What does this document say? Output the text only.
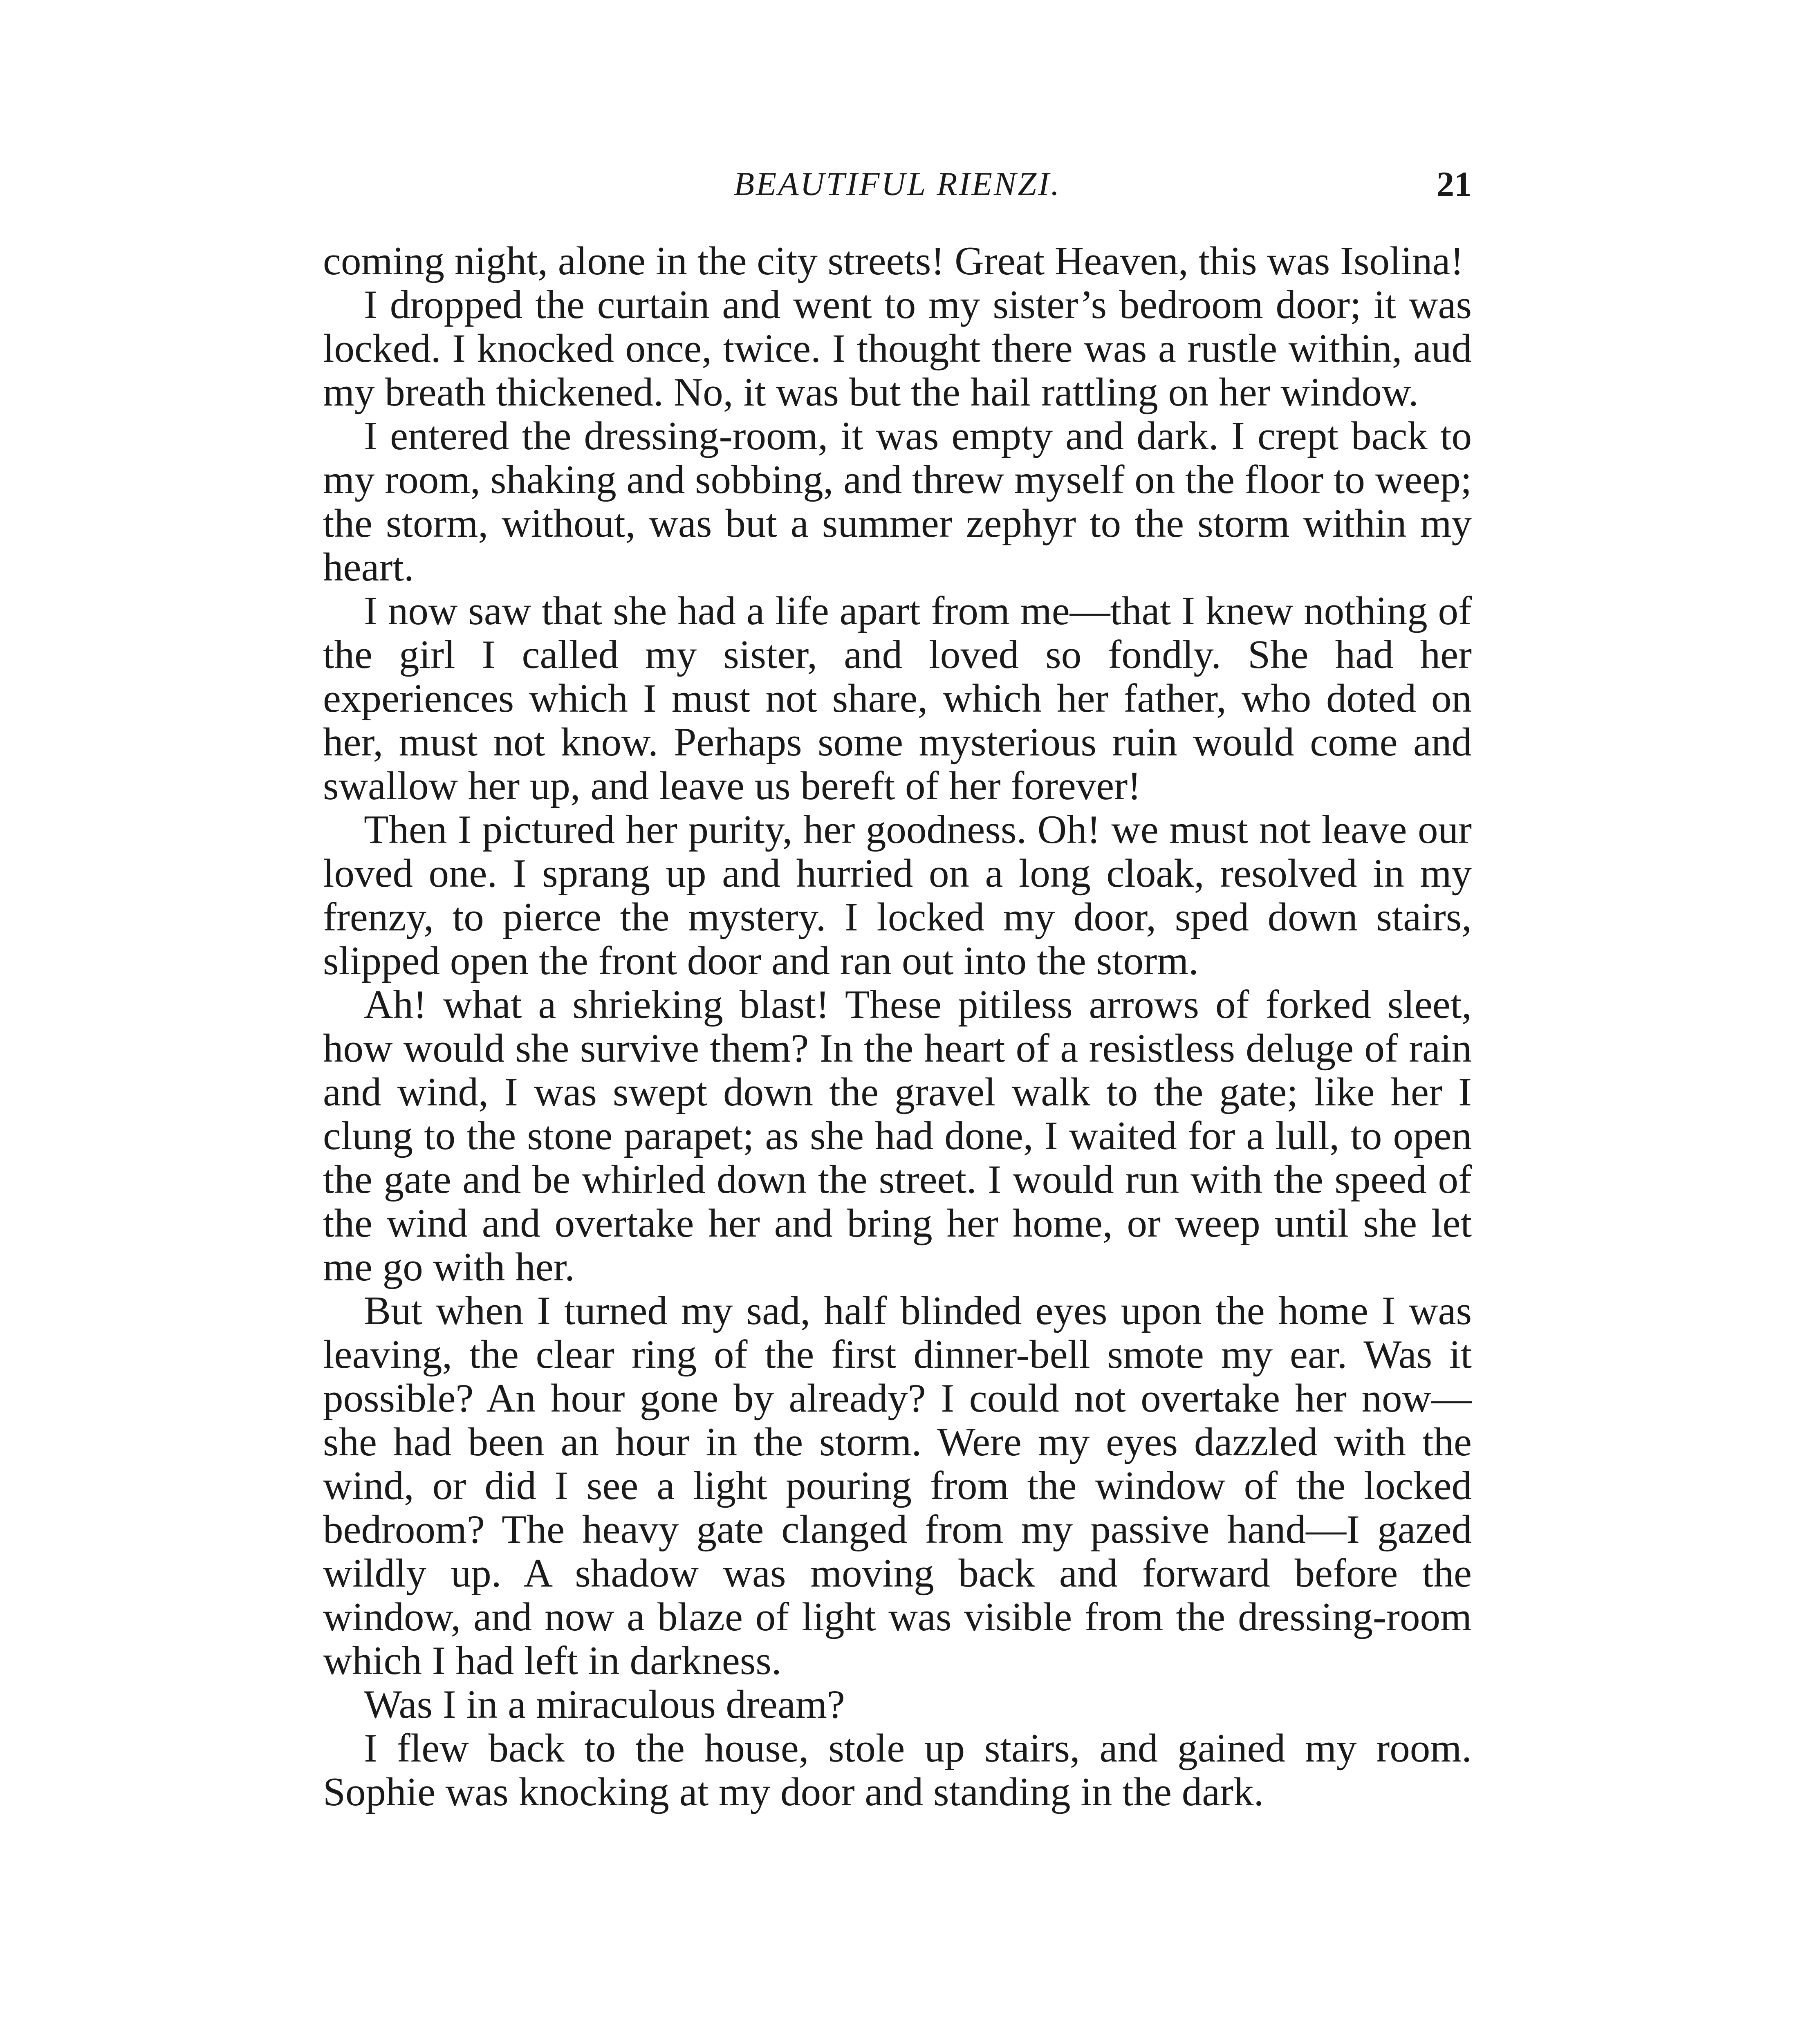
BEAUTIFUL RIENZI.	21

coming night, alone in the city streets! Great Heaven, this was Isolina!

I dropped the curtain and went to my sister’s bedroom door; it was locked. I knocked once, twice. I thought there was a rustle within, aud my breath thickened. No, it was but the hail rattling on her window.

I entered the dressing-room, it was empty and dark. I crept back to my room, shaking and sobbing, and threw myself on the floor to weep; the storm, without, was but a summer zephyr to the storm within my heart.

I now saw that she had a life apart from me—that I knew nothing of the girl I called my sister, and loved so fondly. She had her experiences which I must not share, which her father, who doted on her, must not know. Perhaps some mysterious ruin would come and swallow her up, and leave us bereft of her forever!

Then I pictured her purity, her goodness. Oh! we must not leave our loved one. I sprang up and hurried on a long cloak, resolved in my frenzy, to pierce the mystery. I locked my door, sped down stairs, slipped open the front door and ran out into the storm.

Ah! what a shrieking blast! These pitiless arrows of forked sleet, how would she survive them? In the heart of a resistless deluge of rain and wind, I was swept down the gravel walk to the gate; like her I clung to the stone parapet; as she had done, I waited for a lull, to open the gate and be whirled down the street. I would run with the speed of the wind and overtake her and bring her home, or weep until she let me go with her.

But when I turned my sad, half blinded eyes upon the home I was leaving, the clear ring of the first dinner-bell smote my ear. Was it possible? An hour gone by already? I could not overtake her now—she had been an hour in the storm. Were my eyes dazzled with the wind, or did I see a light pouring from the window of the locked bedroom? The heavy gate clanged from my passive hand—I gazed wildly up. A shadow was moving back and forward before the window, and now a blaze of light was visible from the dressing-room which I had left in darkness.

Was I in a miraculous dream?

I flew back to the house, stole up stairs, and gained my room. Sophie was knocking at my door and standing in the dark.
